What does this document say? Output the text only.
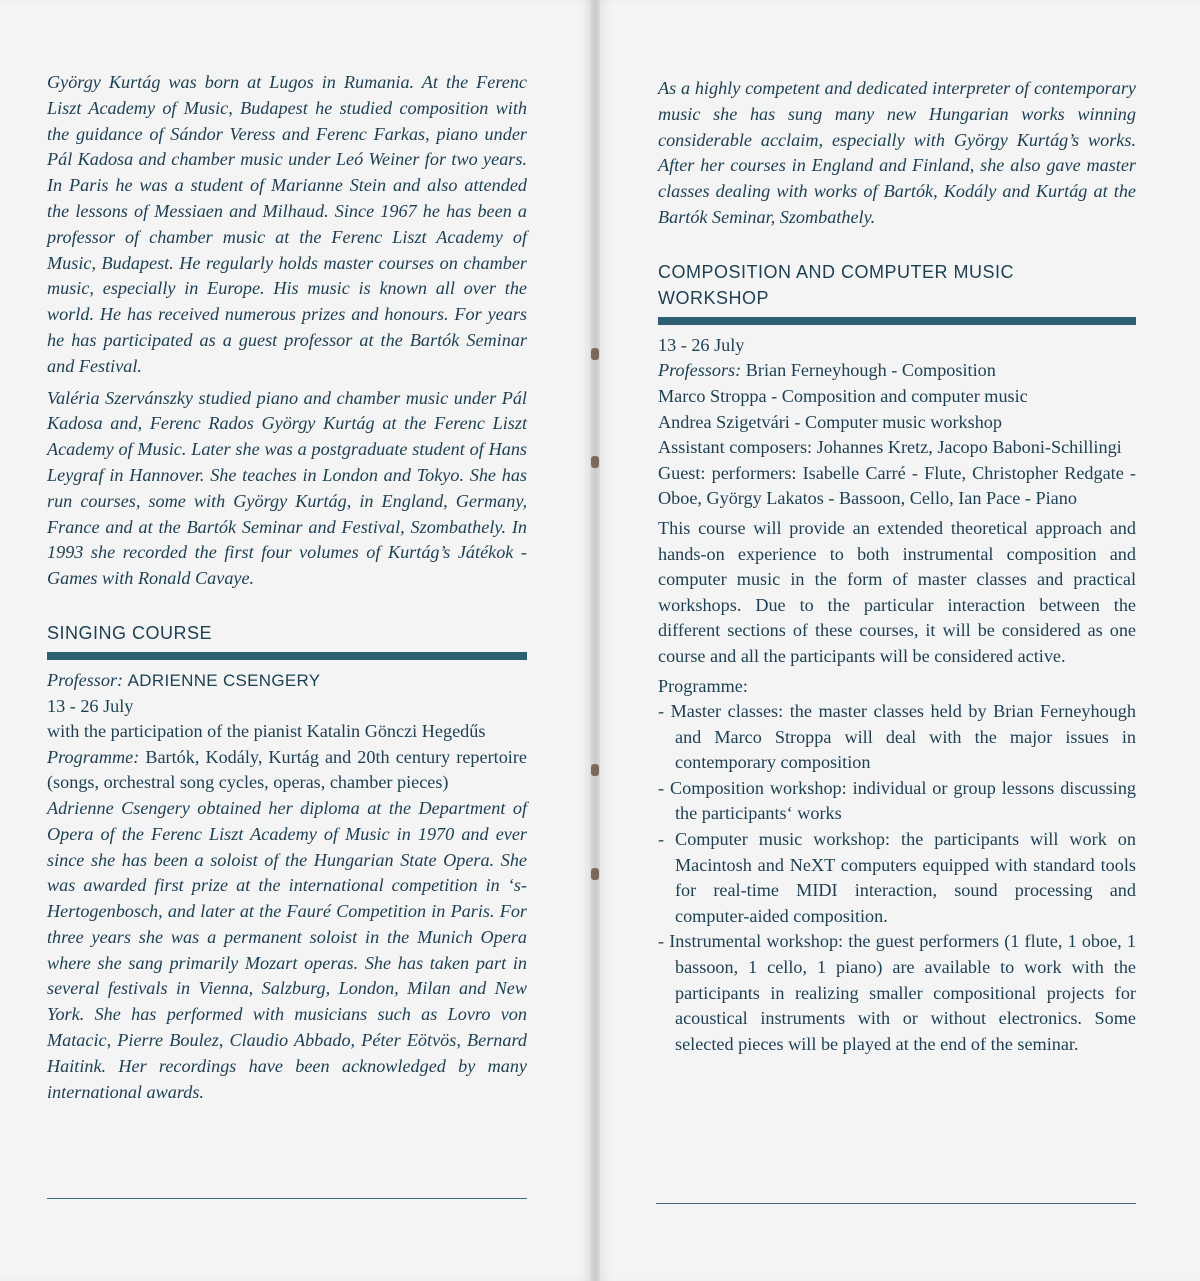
György Kurtág was born at Lugos in Rumania. At the Ferenc Liszt Academy of Music, Budapest he studied composition with the guidance of Sándor Veress and Ferenc Farkas, piano under Pál Kadosa and chamber music under Leó Weiner for two years. In Paris he was a student of Marianne Stein and also attended the lessons of Messiaen and Milhaud. Since 1967 he has been a professor of chamber music at the Ferenc Liszt Academy of Music, Budapest. He regularly holds master courses on chamber music, especially in Europe. His music is known all over the world. He has received numerous prizes and honours. For years he has participated as a guest professor at the Bartók Seminar and Festival.

Valéria Szervánszky studied piano and chamber music under Pál Kadosa and, Ferenc Rados György Kurtág at the Ferenc Liszt Academy of Music. Later she was a postgraduate student of Hans Leygraf in Hannover. She teaches in London and Tokyo. She has run courses, some with György Kurtág, in England, Germany, France and at the Bartók Seminar and Festival, Szombathely. In 1993 she recorded the first four volumes of Kurtág’s Játékok - Games with Ronald Cavaye.

SINGING COURSE
Professor: ADRIENNE CSENGERY
13 - 26 July
with the participation of the pianist Katalin Gönczi Hegedűs
Programme: Bartók, Kodály, Kurtág and 20th century repertoire (songs, orchestral song cycles, operas, chamber pieces)

Adrienne Csengery obtained her diploma at the Department of Opera of the Ferenc Liszt Academy of Music in 1970 and ever since she has been a soloist of the Hungarian State Opera. She was awarded first prize at the international competition in ‘s-Hertogenbosch, and later at the Fauré Competition in Paris. For three years she was a permanent soloist in the Munich Opera where she sang primarily Mozart operas. She has taken part in several festivals in Vienna, Salzburg, London, Milan and New York. She has performed with musicians such as Lovro von Matacic, Pierre Boulez, Claudio Abbado, Péter Eötvös, Bernard Haitink. Her recordings have been acknowledged by many international awards.

As a highly competent and dedicated interpreter of contemporary music she has sung many new Hungarian works winning considerable acclaim, especially with György Kurtág’s works. After her courses in England and Finland, she also gave master classes dealing with works of Bartók, Kodály and Kurtág at the Bartók Seminar, Szombathely.

COMPOSITION AND COMPUTER MUSIC
WORKSHOP
13 - 26 July
Professors: Brian Ferneyhough - Composition
Marco Stroppa - Composition and computer music
Andrea Szigetvári - Computer music workshop
Assistant composers: Johannes Kretz, Jacopo Baboni-Schillingi
Guest: performers: Isabelle Carré - Flute, Christopher Redgate - Oboe, György Lakatos - Bassoon, Cello, Ian Pace - Piano
This course will provide an extended theoretical approach and hands-on experience to both instrumental composition and computer music in the form of master classes and practical workshops. Due to the particular interaction between the different sections of these courses, it will be considered as one course and all the participants will be considered active.
Programme:
- Master classes: the master classes held by Brian Ferneyhough and Marco Stroppa will deal with the major issues in contemporary composition
- Composition workshop: individual or group lessons discussing the participants‘ works
- Computer music workshop: the participants will work on Macintosh and NeXT computers equipped with standard tools for real-time MIDI interaction, sound processing and computer-aided composition.
- Instrumental workshop: the guest performers (1 flute, 1 oboe, 1 bassoon, 1 cello, 1 piano) are available to work with the participants in realizing smaller compositional projects for acoustical instruments with or without electronics. Some selected pieces will be played at the end of the seminar.
